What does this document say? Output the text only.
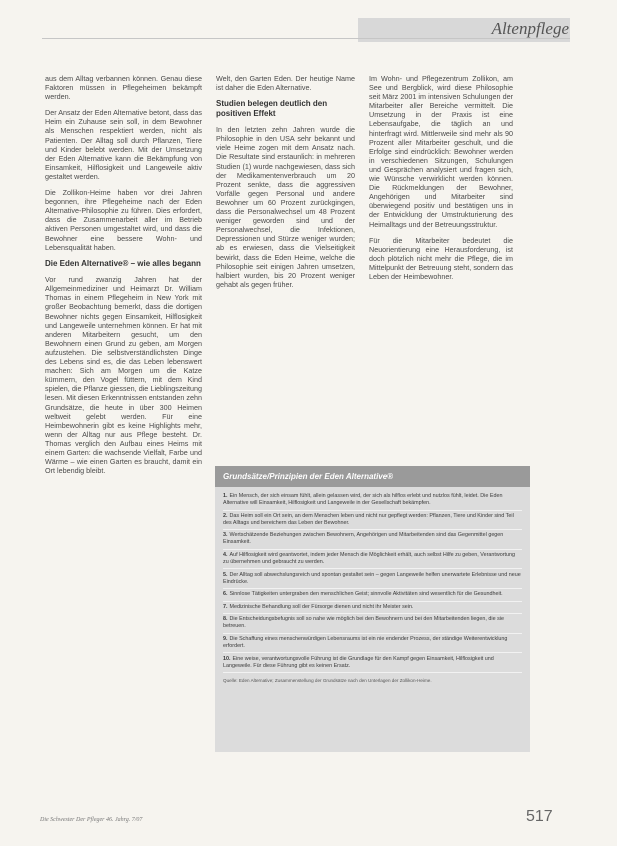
Altenpflege

aus dem Alltag verbannen können. Genau diese Faktoren müssen in Pflegeheimen bekämpft werden.

Der Ansatz der Eden Alternative betont, dass das Heim ein Zuhause sein soll, in dem Bewohner als Menschen respektiert werden, nicht als Patienten. Der Alltag soll durch Pflanzen, Tiere und Kinder belebt werden. Mit der Umsetzung der Eden Alternative kann die Bekämpfung von Einsamkeit, Hilflosigkeit und Langeweile aktiv gestaltet werden.

Die Zollikon-Heime haben vor drei Jahren begonnen, ihre Pflegeheime nach der Eden Alternative-Philosophie zu führen. Dies erfordert, dass die Zusammenarbeit aller im Betrieb aktiven Personen umgestaltet wird, und dass die Bewohner eine bessere Wohn- und Lebensqualität haben.

Die Eden Alternative® – wie alles begann

Vor rund zwanzig Jahren hat der Allgemeinmediziner und Heimarzt Dr. William Thomas in einem Pflegeheim in New York mit großer Beobachtung bemerkt, dass die dortigen Bewohner nichts gegen Einsamkeit, Hilflosigkeit und Langeweile unternehmen können. Er hat mit anderen Mitarbeitern gesucht, um den Bewohnern einen Grund zu geben, am Morgen aufzustehen. Die selbstverständlichsten Dinge des Lebens sind es, die das Leben lebenswert machen: Sich am Morgen um die Katze kümmern, den Vogel füttern, mit dem Kind spielen, die Pflanze giessen, die Lieblingszeitung lesen. Mit diesen Erkenntnissen entstanden zehn Grundsätze, die heute in über 300 Heimen weltweit gelebt werden. Für eine Heimbewohnerin gibt es keine Highlights mehr, wenn der Alltag nur aus Pflege besteht. Dr. Thomas verglich den Aufbau eines Heims mit einem Garten: die wachsende Vielfalt, Farbe und Wärme – wie einen Garten es braucht, damit ein Ort lebendig bleibt.

Welt, den Garten Eden. Der heutige Name ist daher die Eden Alternative.

Studien belegen deutlich den positiven Effekt

In den letzten zehn Jahren wurde die Philosophie in den USA sehr bekannt und viele Heime zogen mit dem Ansatz nach. Die Resultate sind erstaunlich: in mehreren Studien (1) wurde nachgewiesen, dass sich der Medikamentenverbrauch um 20 Prozent senkte, dass die aggressiven Vorfälle gegen Personal und andere Bewohner um 60 Prozent zurückgingen, dass die Personalwechsel um 48 Prozent weniger geworden sind und der Personalwechsel, die Infektionen, Depressionen und Stürze weniger wurden; ab es erwiesen, dass die Vielseitigkeit bewirkt, dass die Eden Heime, welche die Philosophie seit einigen Jahren umsetzen, halbiert wurden, bis 20 Prozent weniger gehabt als gegen früher.

Im Wohn- und Pflegezentrum Zollikon, am See und Bergblick, wird diese Philosophie seit März 2001 im intensiven Schulungen der Mitarbeiter aller Bereiche vermittelt. Die Umsetzung in der Praxis ist eine Lebensaufgabe, die täglich an und hinterfragt wird. Mittlerweile sind mehr als 90 Prozent aller Mitarbeiter geschult, und die Erfolge sind eindrücklich: Bewohner werden in verschiedenen Sitzungen, Schulungen und Gesprächen analysiert und fragen sich, wie Wünsche verwirklicht werden können. Die Rückmeldungen der Bewohner, Angehörigen und Mitarbeiter sind überwiegend positiv und bestätigen uns in der Entwicklung der Umstrukturierung des Heimalltags und der Betreuungsstruktur.

Für die Mitarbeiter bedeutet die Neuorientierung eine Herausforderung, ist doch plötzlich nicht mehr die Pflege, die im Mittelpunkt der Betreuung steht, sondern das Leben der Heimbewohner.

Grundsätze/Prinzipien der Eden Alternative®
1. Ein Mensch, der sich einsam fühlt, allein gelassen wird, der sich als hilflos erlebt und nutzlos fühlt, leidet. Die Eden Alternative will Einsamkeit, Hilflosigkeit und Langeweile in der Gesellschaft bekämpfen.
2. Das Heim soll ein Ort sein, an dem Menschen leben und nicht nur gepflegt werden: Pflanzen, Tiere und Kinder sind Teil des Alltags und bereichern das Leben der Bewohner.
3. Wertschätzende Beziehungen zwischen Bewohnern, Angehörigen und Mitarbeitenden sind das Gegenmittel gegen Einsamkeit.
4. Auf Hilflosigkeit wird geantwortet, indem jeder Mensch die Möglichkeit erhält, auch selbst Hilfe zu geben, Verantwortung zu übernehmen und gebraucht zu werden.
5. Der Alltag soll abwechslungsreich und spontan gestaltet sein – gegen Langeweile helfen unerwartete Erlebnisse und neue Eindrücke.
6. Sinnlose Tätigkeiten untergraben den menschlichen Geist; sinnvolle Aktivitäten sind wesentlich für die Gesundheit.
7. Medizinische Behandlung soll der Fürsorge dienen und nicht ihr Meister sein.
8. Die Entscheidungsbefugnis soll so nahe wie möglich bei den Bewohnern und bei den Mitarbeitenden liegen, die sie betreuen.
9. Die Schaffung eines menschenwürdigen Lebensraums ist ein nie endender Prozess, der ständige Weiterentwicklung erfordert.
10. Eine weise, verantwortungsvolle Führung ist die Grundlage für den Kampf gegen Einsamkeit, Hilflosigkeit und Langeweile. Für diese Führung gibt es keinen Ersatz.
Quelle: Eden Alternative; Zusammenstellung der Grundsätze nach den Unterlagen der Zollikon-Heime.
Die Schwester Der Pfleger 46. Jahrg. 7/07	517
